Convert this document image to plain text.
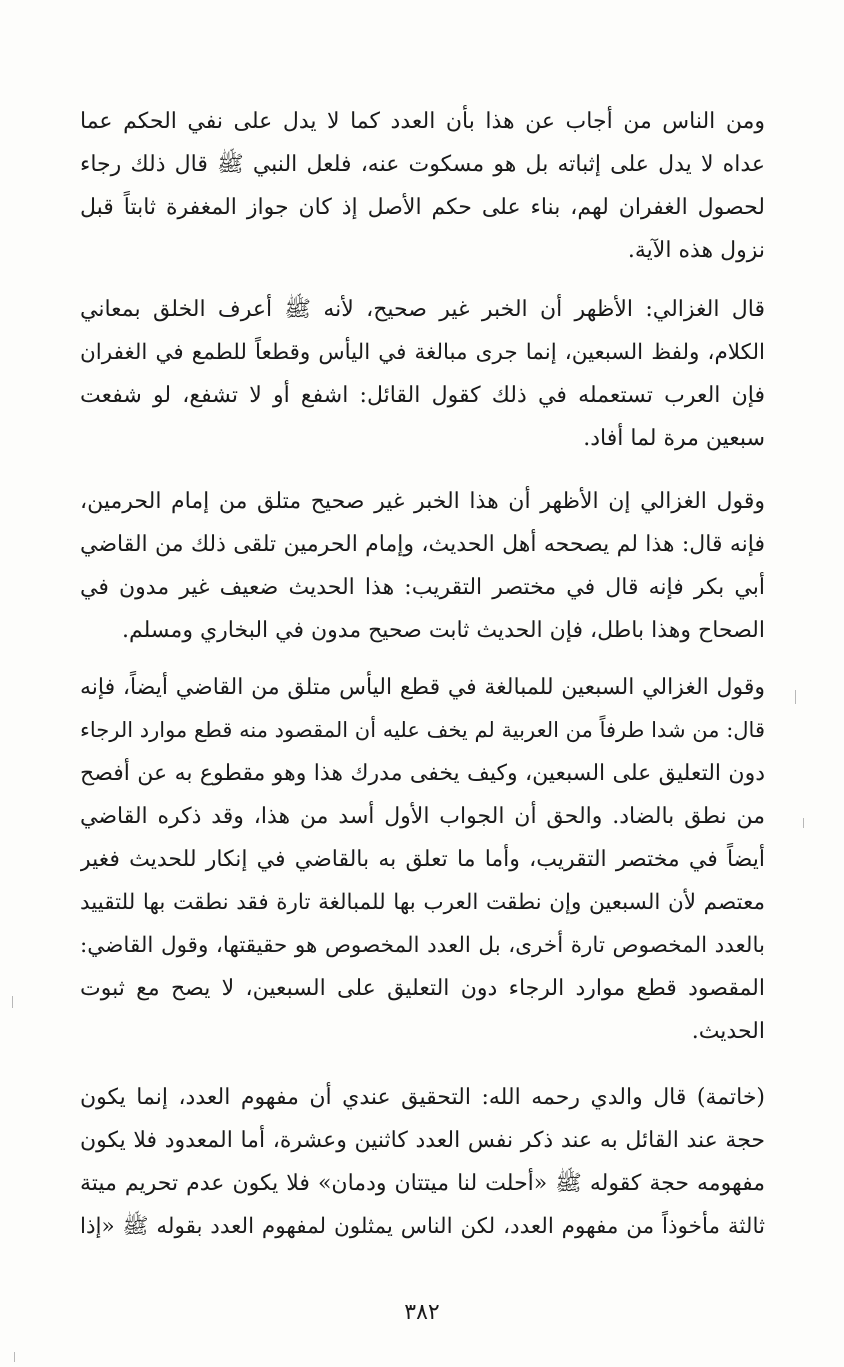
ومن الناس من أجاب عن هذا بأن العدد كما لا يدل على نفي الحكم عما
عداه لا يدل على إثباته بل هو مسكوت عنه، فلعل النبي ﷺ قال ذلك رجاء
لحصول الغفران لهم، بناء على حكم الأصل إذ كان جواز المغفرة ثابتاً قبل
نزول هذه الآية.
قال الغزالي: الأظهر أن الخبر غير صحيح، لأنه ﷺ أعرف الخلق بمعاني
الكلام، ولفظ السبعين، إنما جرى مبالغة في اليأس وقطعاً للطمع في الغفران
فإن العرب تستعمله في ذلك كقول القائل: اشفع أو لا تشفع، لو شفعت
سبعين مرة لما أفاد.
وقول الغزالي إن الأظهر أن هذا الخبر غير صحيح متلق من إمام الحرمين،
فإنه قال: هذا لم يصححه أهل الحديث، وإمام الحرمين تلقى ذلك من القاضي
أبي بكر فإنه قال في مختصر التقريب: هذا الحديث ضعيف غير مدون في
الصحاح وهذا باطل، فإن الحديث ثابت صحيح مدون في البخاري ومسلم.
وقول الغزالي السبعين للمبالغة في قطع اليأس متلق من القاضي أيضاً، فإنه
قال: من شدا طرفاً من العربية لم يخف عليه أن المقصود منه قطع موارد الرجاء
دون التعليق على السبعين، وكيف يخفى مدرك هذا وهو مقطوع به عن أفصح
من نطق بالضاد. والحق أن الجواب الأول أسد من هذا، وقد ذكره القاضي
أيضاً في مختصر التقريب، وأما ما تعلق به بالقاضي في إنكار للحديث فغير
معتصم لأن السبعين وإن نطقت العرب بها للمبالغة تارة فقد نطقت بها للتقييد
بالعدد المخصوص تارة أخرى، بل العدد المخصوص هو حقيقتها، وقول القاضي:
المقصود قطع موارد الرجاء دون التعليق على السبعين، لا يصح مع ثبوت
الحديث.
(خاتمة) قال والدي رحمه الله: التحقيق عندي أن مفهوم العدد، إنما يكون
حجة عند القائل به عند ذكر نفس العدد كاثنين وعشرة، أما المعدود فلا يكون
مفهومه حجة كقوله ﷺ «أحلت لنا ميتتان ودمان» فلا يكون عدم تحريم ميتة
ثالثة مأخوذاً من مفهوم العدد، لكن الناس يمثلون لمفهوم العدد بقوله ﷺ «إذا
٣٨٢
